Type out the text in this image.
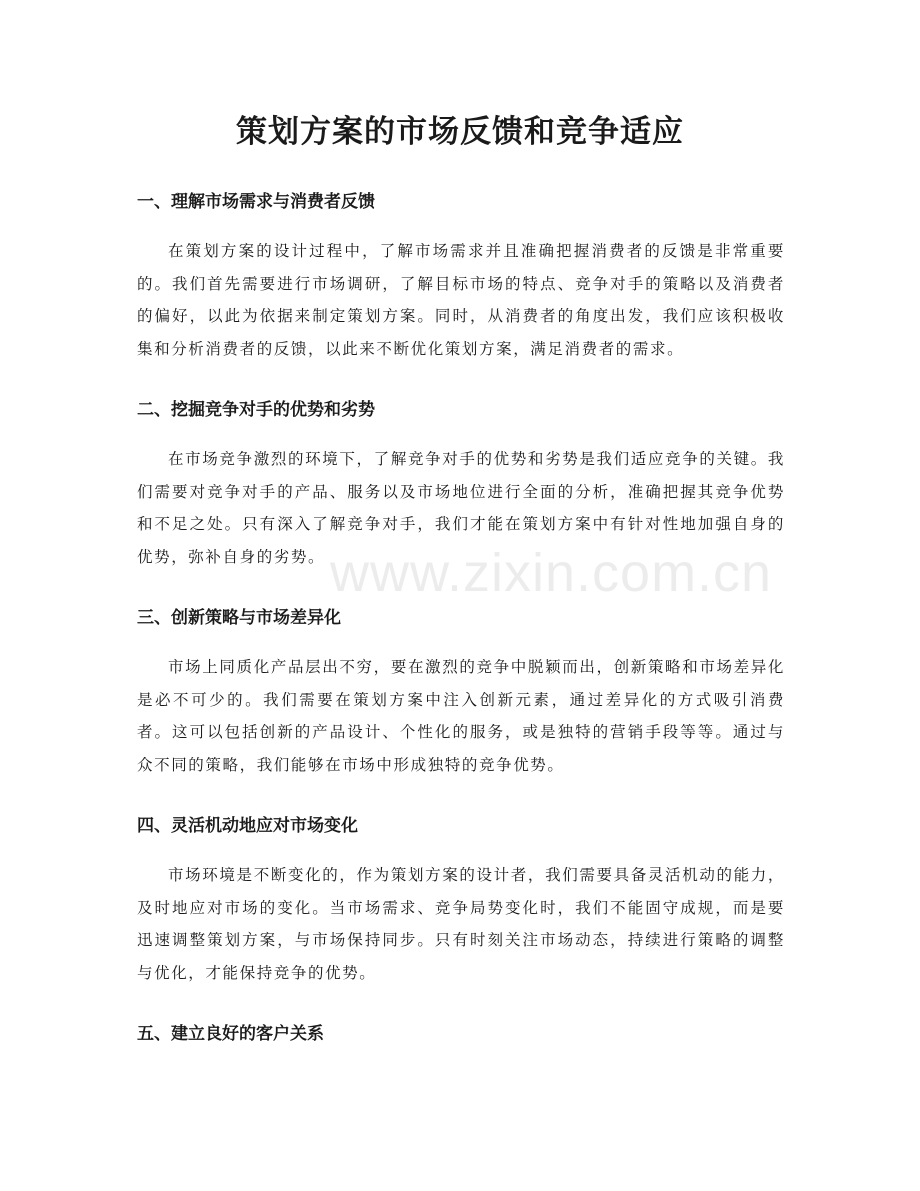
策划方案的市场反馈和竞争适应
一、理解市场需求与消费者反馈

在策划方案的设计过程中，了解市场需求并且准确把握消费者的反馈是非常重要的。我们首先需要进行市场调研，了解目标市场的特点、竞争对手的策略以及消费者的偏好，以此为依据来制定策划方案。同时，从消费者的角度出发，我们应该积极收集和分析消费者的反馈，以此来不断优化策划方案，满足消费者的需求。

二、挖掘竞争对手的优势和劣势

在市场竞争激烈的环境下，了解竞争对手的优势和劣势是我们适应竞争的关键。我们需要对竞争对手的产品、服务以及市场地位进行全面的分析，准确把握其竞争优势和不足之处。只有深入了解竞争对手，我们才能在策划方案中有针对性地加强自身的优势，弥补自身的劣势。

三、创新策略与市场差异化

市场上同质化产品层出不穷，要在激烈的竞争中脱颖而出，创新策略和市场差异化是必不可少的。我们需要在策划方案中注入创新元素，通过差异化的方式吸引消费者。这可以包括创新的产品设计、个性化的服务，或是独特的营销手段等等。通过与众不同的策略，我们能够在市场中形成独特的竞争优势。

四、灵活机动地应对市场变化

市场环境是不断变化的，作为策划方案的设计者，我们需要具备灵活机动的能力，及时地应对市场的变化。当市场需求、竞争局势变化时，我们不能固守成规，而是要迅速调整策划方案，与市场保持同步。只有时刻关注市场动态，持续进行策略的调整与优化，才能保持竞争的优势。

五、建立良好的客户关系
www.zixin.com.cn
